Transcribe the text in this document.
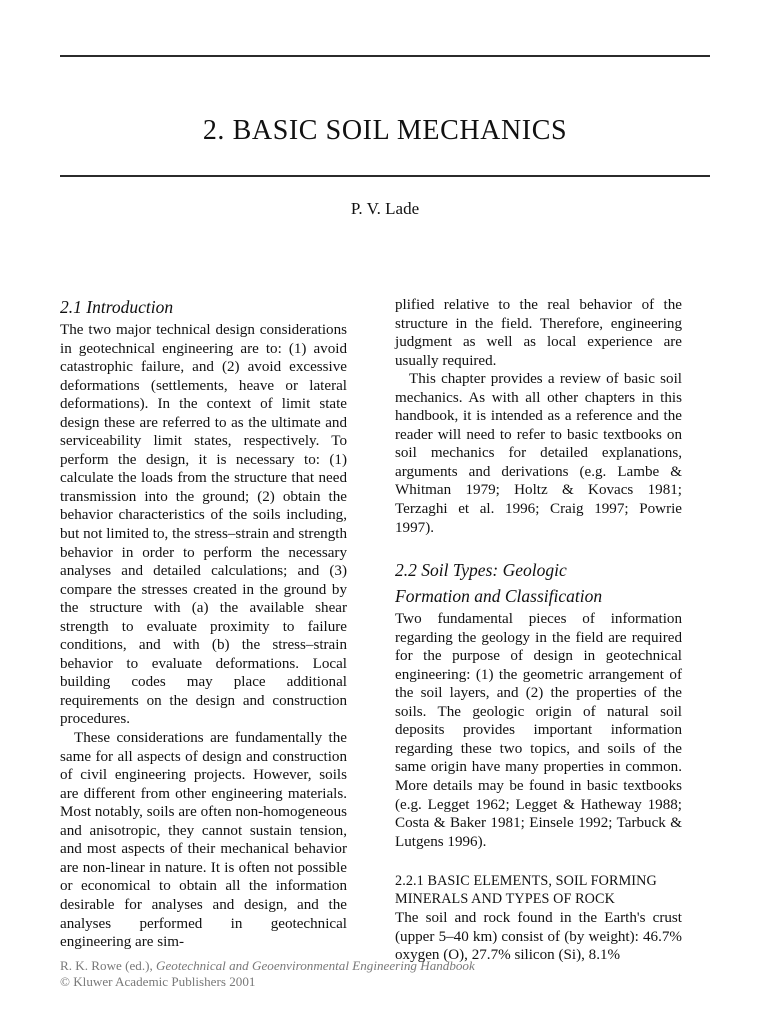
2. BASIC SOIL MECHANICS
P. V. Lade
2.1 Introduction

The two major technical design considerations in geotechnical engineering are to: (1) avoid catastrophic failure, and (2) avoid excessive deformations (settlements, heave or lateral deformations). In the context of limit state design these are referred to as the ultimate and serviceability limit states, respectively. To perform the design, it is necessary to: (1) calculate the loads from the structure that need transmission into the ground; (2) obtain the behavior characteristics of the soils including, but not limited to, the stress–strain and strength behavior in order to perform the necessary analyses and detailed calculations; and (3) compare the stresses created in the ground by the structure with (a) the available shear strength to evaluate proximity to failure conditions, and with (b) the stress–strain behavior to evaluate deformations. Local building codes may place additional requirements on the design and construction procedures.

These considerations are fundamentally the same for all aspects of design and construction of civil engineering projects. However, soils are different from other engineering materials. Most notably, soils are often non-homogeneous and anisotropic, they cannot sustain tension, and most aspects of their mechanical behavior are non-linear in nature. It is often not possible or economical to obtain all the information desirable for analyses and design, and the analyses performed in geotechnical engineering are sim-

plified relative to the real behavior of the structure in the field. Therefore, engineering judgment as well as local experience are usually required.

This chapter provides a review of basic soil mechanics. As with all other chapters in this handbook, it is intended as a reference and the reader will need to refer to basic textbooks on soil mechanics for detailed explanations, arguments and derivations (e.g. Lambe & Whitman 1979; Holtz & Kovacs 1981; Terzaghi et al. 1996; Craig 1997; Powrie 1997).

2.2 Soil Types: Geologic
Formation and Classification

Two fundamental pieces of information regarding the geology in the field are required for the purpose of design in geotechnical engineering: (1) the geometric arrangement of the soil layers, and (2) the properties of the soils. The geologic origin of natural soil deposits provides important information regarding these two topics, and soils of the same origin have many properties in common. More details may be found in basic textbooks (e.g. Legget 1962; Legget & Hatheway 1988; Costa & Baker 1981; Einsele 1992; Tarbuck & Lutgens 1996).

2.2.1 BASIC ELEMENTS, SOIL FORMING
MINERALS AND TYPES OF ROCK

The soil and rock found in the Earth's crust (upper 5–40 km) consist of (by weight): 46.7% oxygen (O), 27.7% silicon (Si), 8.1%

R. K. Rowe (ed.), Geotechnical and Geoenvironmental Engineering Handbook
© Kluwer Academic Publishers 2001
